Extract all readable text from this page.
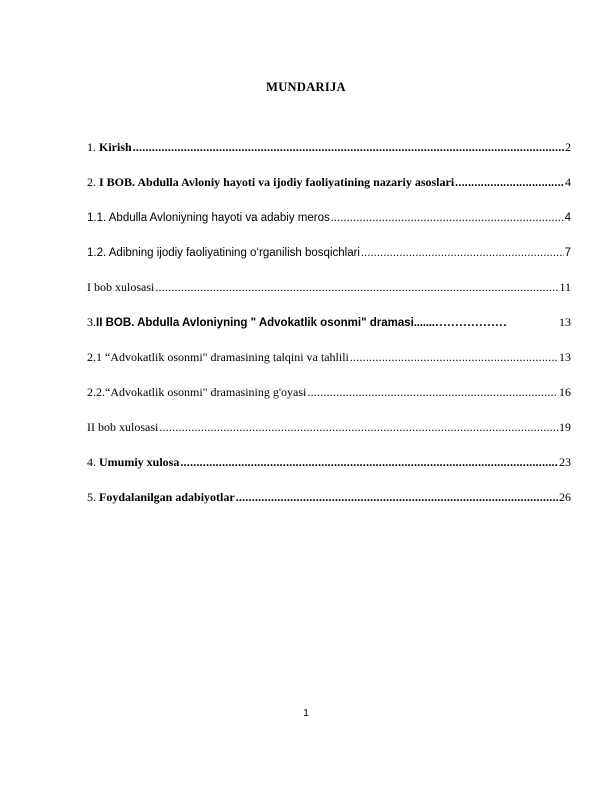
MUNDARIJA
1. Kirish .....	2
2. I BOB. Abdulla Avloniy hayoti va ijodiy faoliyatining nazariy asoslari .....	4
1.1. Abdulla Avloniyning hayoti va adabiy meros .....	4
1.2. Adibning ijodiy faoliyatining o‘rganilish bosqichlari .....	7
I bob xulosasi .....	11
3.II BOB. Abdulla Avloniyning " Advokatlik osonmi" dramasi.......………………	13
2.1 “Advokatlik osonmi" dramasining talqini va tahlili .....	13
2.2.“Advokatlik osonmi" dramasining g'oyasi .....	16
II bob xulosasi .....	19
4. Umumiy xulosa .....	23
5. Foydalanilgan adabiyotlar .....	26
1
